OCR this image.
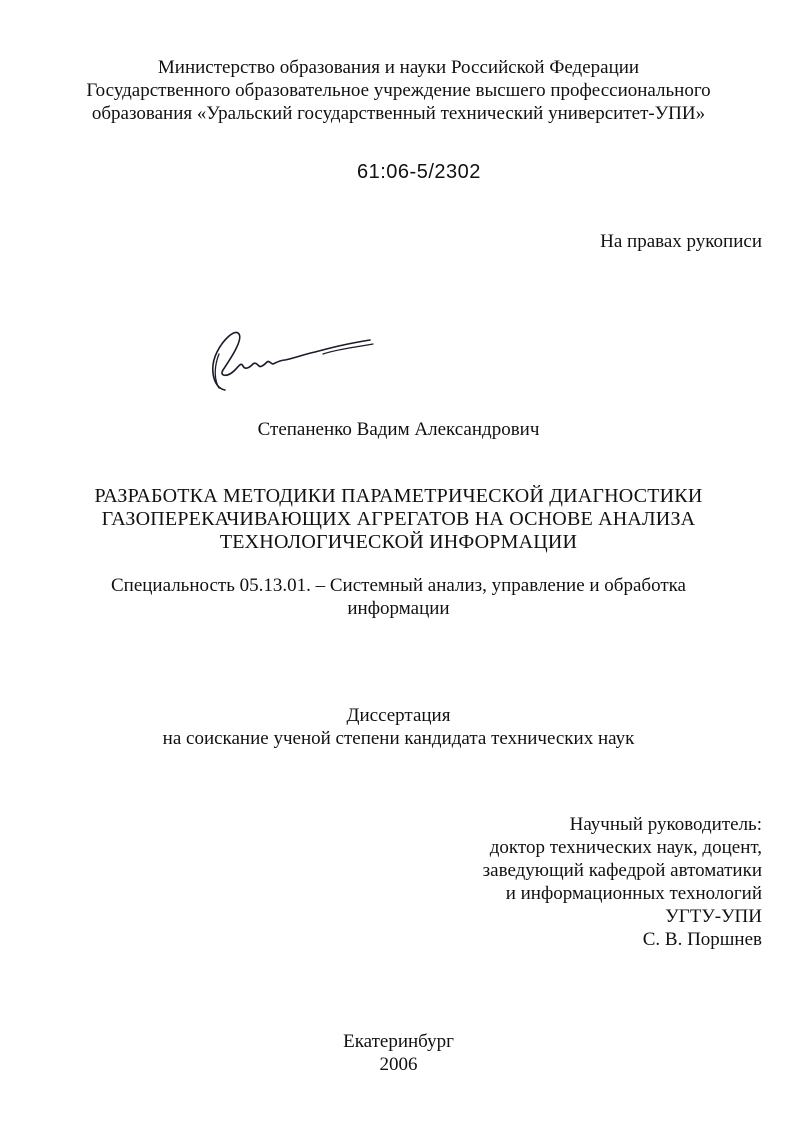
Министерство образования и науки Российской Федерации
Государственного образовательное учреждение высшего профессионального
образования «Уральский государственный технический университет-УПИ»
61:06-5/2302
На правах рукописи
Степаненко Вадим Александрович
РАЗРАБОТКА МЕТОДИКИ ПАРАМЕТРИЧЕСКОЙ ДИАГНОСТИКИ
ГАЗОПЕРЕКАЧИВАЮЩИХ АГРЕГАТОВ НА ОСНОВЕ АНАЛИЗА
ТЕХНОЛОГИЧЕСКОЙ ИНФОРМАЦИИ
Специальность 05.13.01. – Системный анализ, управление и обработка
информации
Диссертация
на соискание ученой степени кандидата технических наук
Научный руководитель:
доктор технических наук, доцент,
заведующий кафедрой автоматики
и информационных технологий
УГТУ-УПИ
С. В. Поршнев
Екатеринбург
2006
